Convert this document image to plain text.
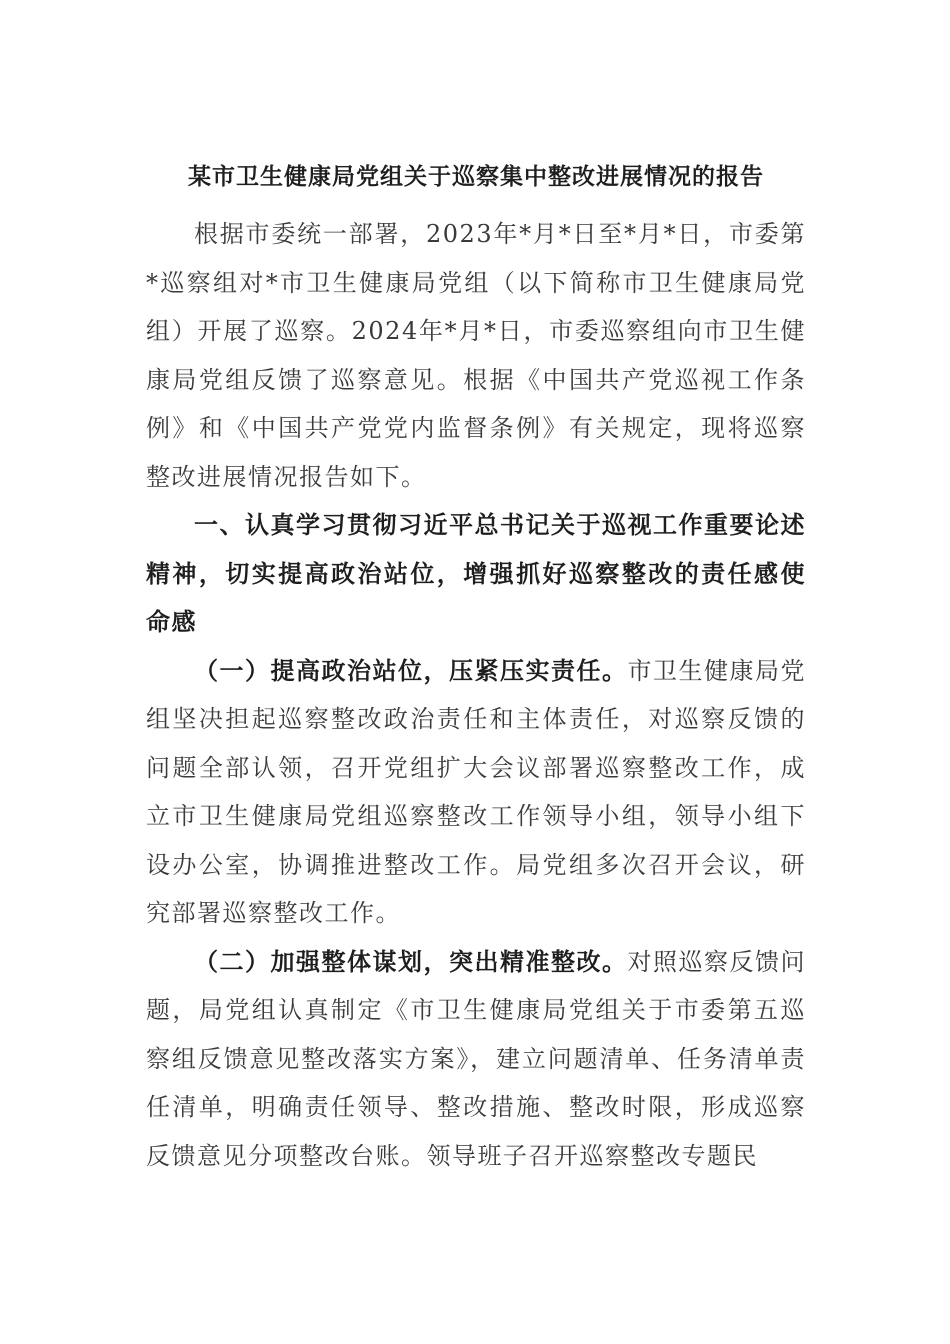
某市卫生健康局党组关于巡察集中整改进展情况的报告

根据市委统一部署，2023年*月*日至*月*日，市委第*巡察组对*市卫生健康局党组（以下简称市卫生健康局党组）开展了巡察。2024年*月*日，市委巡察组向市卫生健康局党组反馈了巡察意见。根据《中国共产党巡视工作条例》和《中国共产党党内监督条例》有关规定，现将巡察整改进展情况报告如下。

一、认真学习贯彻习近平总书记关于巡视工作重要论述精神，切实提高政治站位，增强抓好巡察整改的责任感使命感

（一）提高政治站位，压紧压实责任。市卫生健康局党组坚决担起巡察整改政治责任和主体责任，对巡察反馈的问题全部认领，召开党组扩大会议部署巡察整改工作，成立市卫生健康局党组巡察整改工作领导小组，领导小组下设办公室，协调推进整改工作。局党组多次召开会议，研究部署巡察整改工作。

（二）加强整体谋划，突出精准整改。对照巡察反馈问题，局党组认真制定《市卫生健康局党组关于市委第五巡察组反馈意见整改落实方案》，建立问题清单、任务清单责任清单，明确责任领导、整改措施、整改时限，形成巡察反馈意见分项整改台账。领导班子召开巡察整改专题民
